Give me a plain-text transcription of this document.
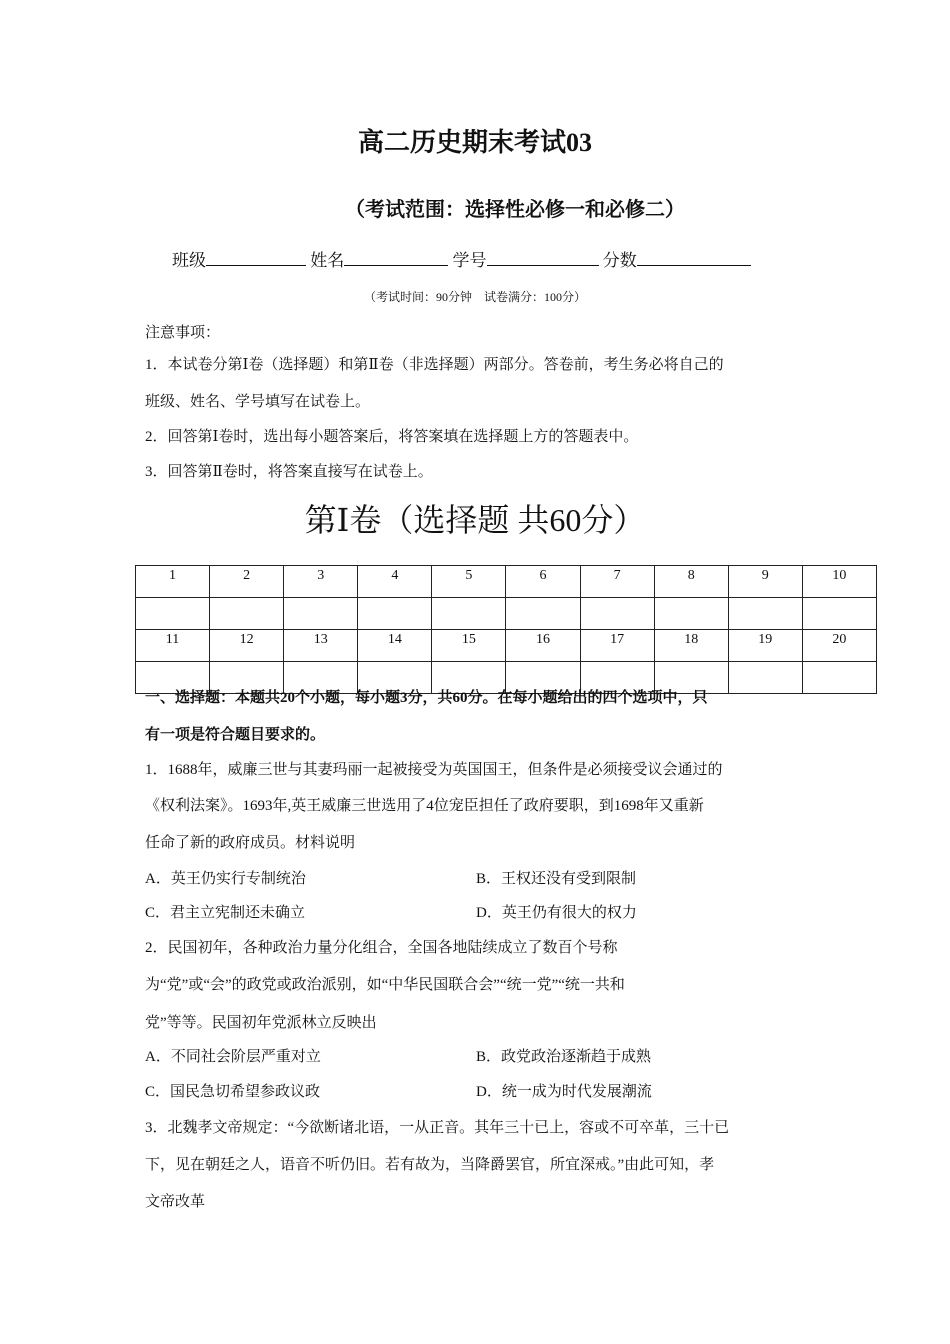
高二历史期末考试03
（考试范围：选择性必修一和必修二）
班级	姓名	学号	分数
（考试时间：90分钟　试卷满分：100分）
注意事项：
1．本试卷分第Ⅰ卷（选择题）和第Ⅱ卷（非选择题）两部分。答卷前，考生务必将自己的
班级、姓名、学号填写在试卷上。
2．回答第Ⅰ卷时，选出每小题答案后，将答案填在选择题上方的答题表中。
3．回答第Ⅱ卷时，将答案直接写在试卷上。
第Ⅰ卷（选择题 共60分）
1	2	3	4	5	6	7	8	9	10

11	12	13	14	15	16	17	18	19	20

一、选择题：本题共20个小题，每小题3分，共60分。在每小题给出的四个选项中，只
有一项是符合题目要求的。
1．1688年，威廉三世与其妻玛丽一起被接受为英国国王，但条件是必须接受议会通过的
《权利法案》。1693年,英王威廉三世选用了4位宠臣担任了政府要职，到1698年又重新
任命了新的政府成员。材料说明
A．英王仍实行专制统治	B．王权还没有受到限制
C．君主立宪制还未确立	D．英王仍有很大的权力
2．民国初年，各种政治力量分化组合，全国各地陆续成立了数百个号称
为“党”或“会”的政党或政治派别，如“中华民国联合会”“统一党”“统一共和
党”等等。民国初年党派林立反映出
A．不同社会阶层严重对立	B．政党政治逐渐趋于成熟
C．国民急切希望参政议政	D．统一成为时代发展潮流
3．北魏孝文帝规定：“今欲断诸北语，一从正音。其年三十已上，容或不可卒革，三十已
下，见在朝廷之人，语音不听仍旧。若有故为，当降爵罢官，所宜深戒。”由此可知，孝
文帝改革
